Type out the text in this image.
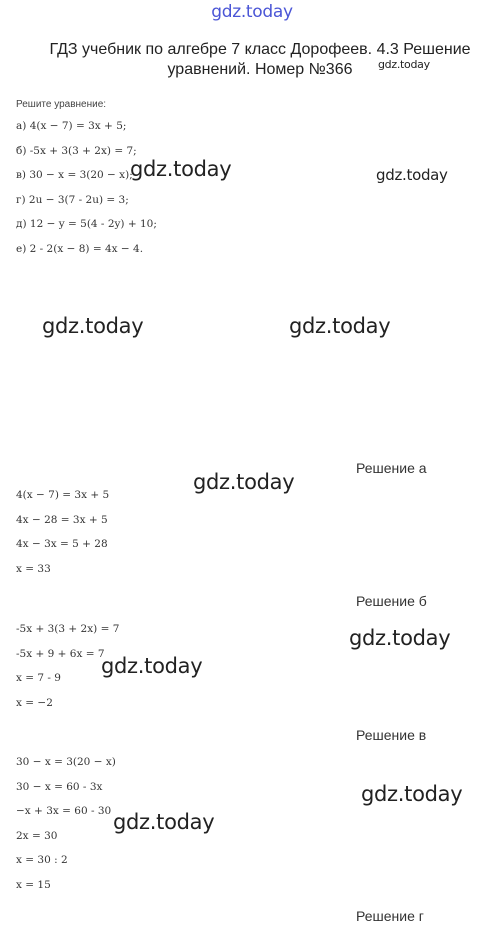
gdz.today
ГДЗ учебник по алгебре 7 класс Дорофеев. 4.3 Решение уравнений. Номер №366	gdz.today
gdz.today	gdz.today
gdz.today	gdz.today
gdz.today
gdz.today
gdz.today
gdz.today
gdz.today
Решите уравнение:
а) 4(x − 7) = 3x + 5;
б) -5x + 3(3 + 2x) = 7;
в) 30 − x = 3(20 − x);
г) 2u − 3(7 - 2u) = 3;
д) 12 − y = 5(4 - 2y) + 10;
е) 2 - 2(x − 8) = 4x − 4.
Решение а
4(x − 7) = 3x + 5
4x − 28 = 3x + 5
4x − 3x = 5 + 28
x = 33
Решение б
-5x + 3(3 + 2x) = 7
-5x + 9 + 6x = 7
x = 7 - 9
x = −2
Решение в
30 − x = 3(20 − x)
30 − x = 60 - 3x
−x + 3x = 60 - 30
2x = 30
x = 30 : 2
x = 15
Решение г
